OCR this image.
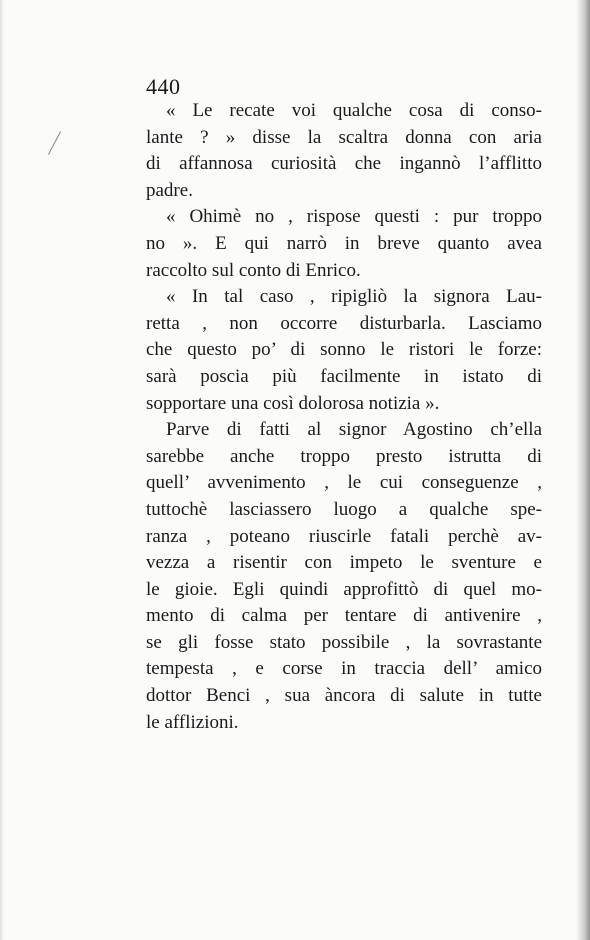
440

« Le recate voi qualche cosa di conso-
lante ? » disse la scaltra donna con aria
di affannosa curiosità che ingannò l’afflitto
padre.
« Ohimè no , risposе questi : pur troppo
no ». E qui narrò in breve quanto avea
raccolto sul conto di Enrico.
« In tal caso , ripigliò la signora Lau-
retta , non occorre disturbarla. Lasciamo
che questo po’ di sonno le ristori le forze:
sarà poscia più facilmente in istato di
sopportare una così dolorosa notizia ».
Parve di fatti al signor Agostino ch’ella
sarebbe anche troppo presto istrutta di
quell’ avvenimento , le cui conseguenze ,
tuttochè lasciassero luogo a qualche spe-
ranza , poteano riuscirle fatali perchè av-
vezza a risentir con impeto le sventure e
le gioie. Egli quindi approfittò di quel mo-
mento di calma per tentare di antivenire ,
se gli fosse stato possibile , la sovrastante
tempesta , e corse in traccia dell’ amico
dottor Benci , sua àncora di salute in tutte
le afflizioni.
